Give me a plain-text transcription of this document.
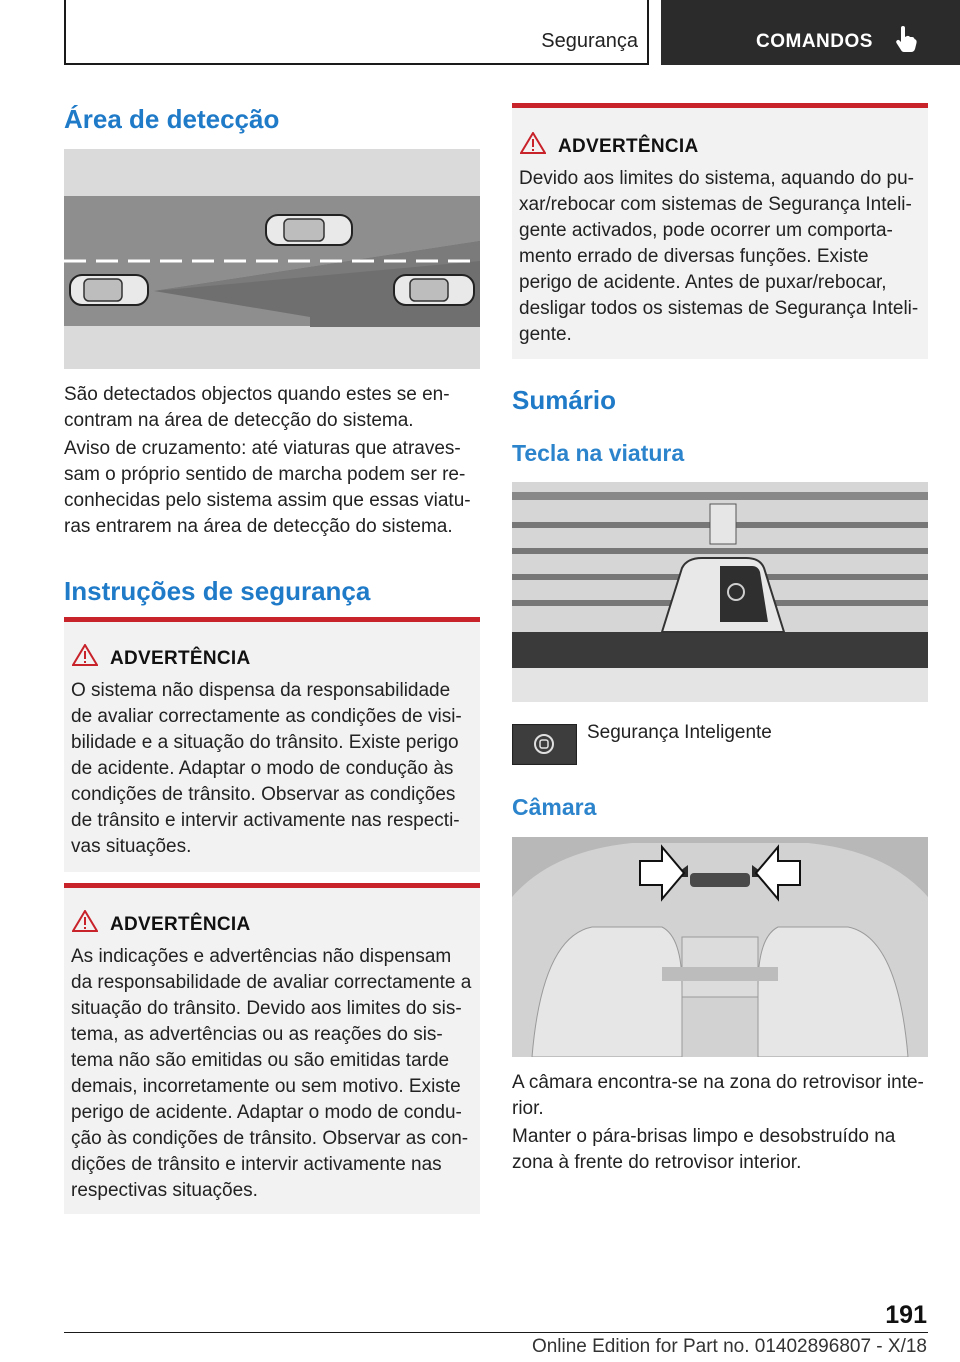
Segurança	COMANDOS
Área de detecção

São detectados objectos quando estes se en-contram na área de detecção do sistema.

Aviso de cruzamento: até viaturas que atraves-sam o próprio sentido de marcha podem ser re-conhecidas pelo sistema assim que essas viatu-ras entrarem na área de detecção do sistema.

Instruções de segurança
ADVERTÊNCIA

O sistema não dispensa da responsabilidade de avaliar correctamente as condições de visi-bilidade e a situação do trânsito. Existe perigo de acidente. Adaptar o modo de condução às condições de trânsito. Observar as condições de trânsito e intervir activamente nas respecti-vas situações.

ADVERTÊNCIA

As indicações e advertências não dispensam da responsabilidade de avaliar correctamente a situação do trânsito. Devido aos limites do sis-tema, as advertências ou as reações do sis-tema não são emitidas ou são emitidas tarde demais, incorretamente ou sem motivo. Existe perigo de acidente. Adaptar o modo de condu-ção às condições de trânsito. Observar as con-dições de trânsito e intervir activamente nas respectivas situações.

ADVERTÊNCIA

Devido aos limites do sistema, aquando do pu-xar/rebocar com sistemas de Segurança Inteli-gente activados, pode ocorrer um comporta-mento errado de diversas funções. Existe perigo de acidente. Antes de puxar/rebocar, desligar todos os sistemas de Segurança Inteli-gente.

Sumário
Tecla na viatura
Segurança Inteligente
Câmara

A câmara encontra-se na zona do retrovisor inte-rior.

Manter o pára-brisas limpo e desobstruído na zona à frente do retrovisor interior.

191
Online Edition for Part no. 01402896807 - X/18
